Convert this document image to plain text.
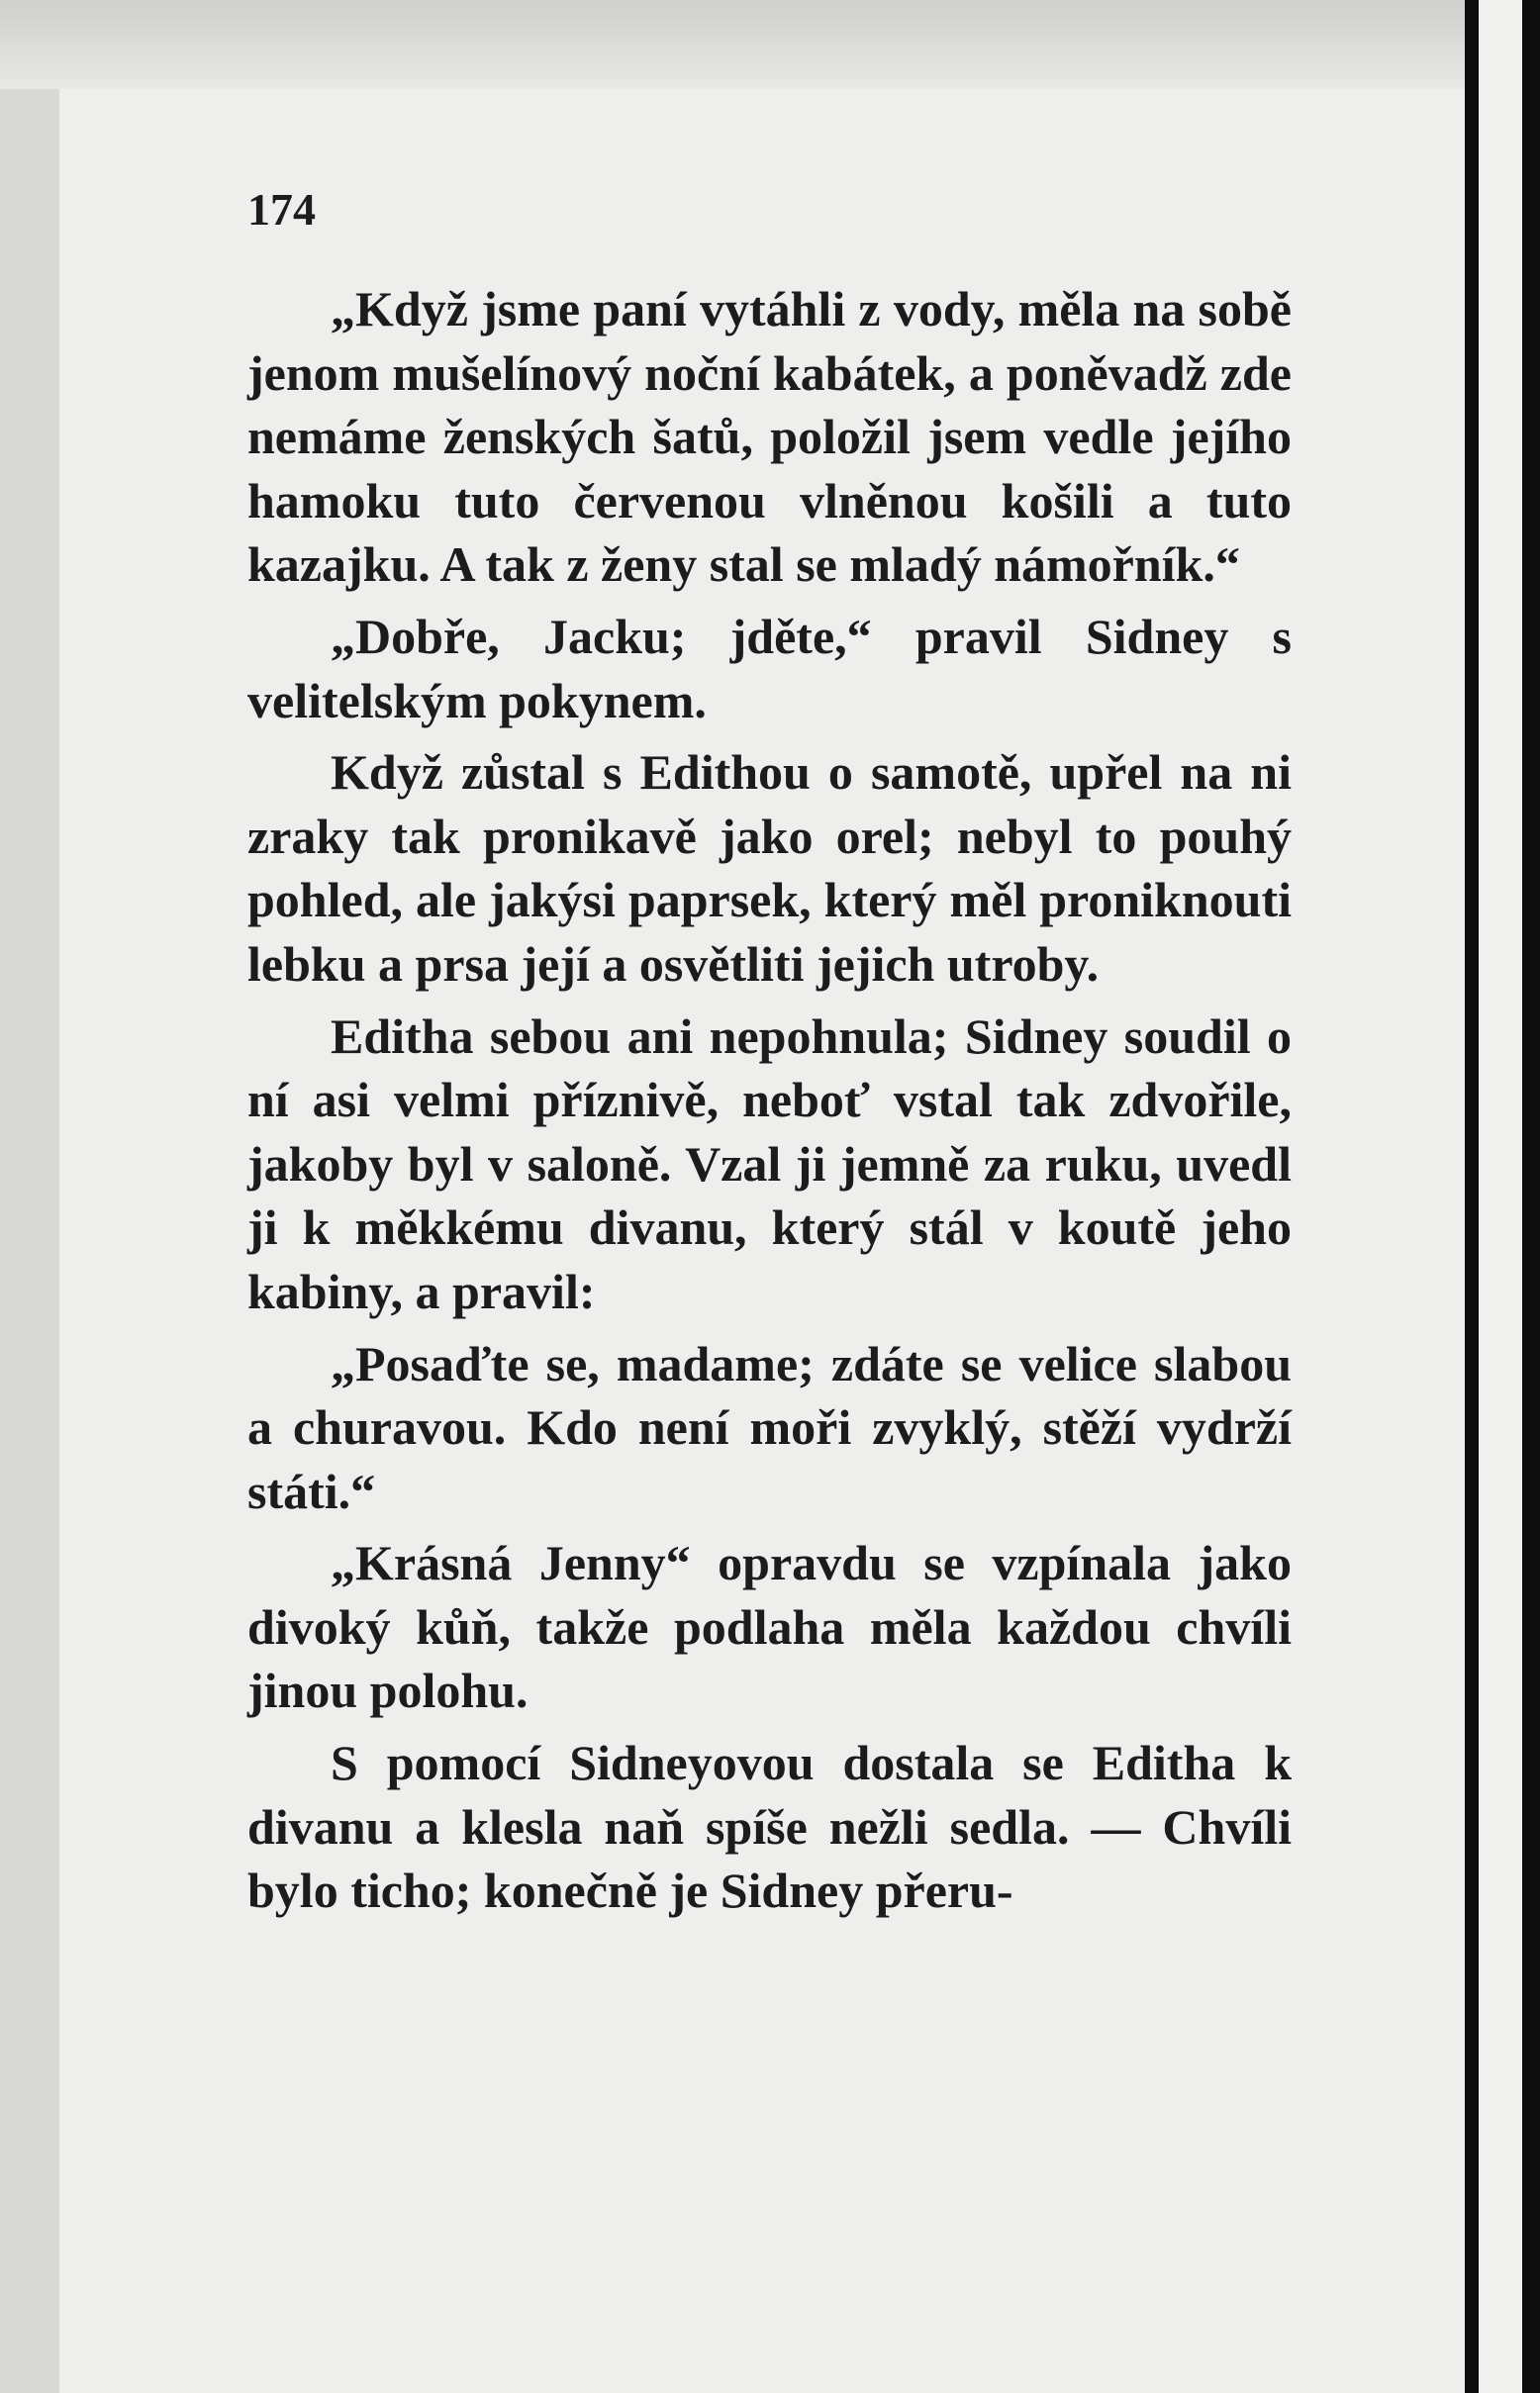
174

„Když jsme paní vytáhli z vody, měla na sobě jenom mušelínový noční kabátek, a poněvadž zde nemáme ženských šatů, položil jsem vedle jejího hamoku tuto červenou vlněnou košili a tuto kazajku. A tak z ženy stal se mladý námořník.“

„Dobře, Jacku; jděte,“ pravil Sidney s velitelským pokynem.

Když zůstal s Edithou o samotě, upřel na ni zraky tak pronikavě jako orel; nebyl to pouhý pohled, ale jakýsi paprsek, který měl proniknouti lebku a prsa její a osvětliti jejich utroby.

Editha sebou ani nepohnula; Sidney soudil o ní asi velmi příznivě, neboť vstal tak zdvořile, jakoby byl v saloně. Vzal ji jemně za ruku, uvedl ji k měkkému divanu, který stál v koutě jeho kabiny, a pravil:

„Posaďte se, madame; zdáte se velice slabou a churavou. Kdo není moři zvyklý, stěží vydrží státi.“

„Krásná Jenny“ opravdu se vzpínala jako divoký kůň, takže podlaha měla každou chvíli jinou polohu.

S pomocí Sidneyovou dostala se Editha k divanu a klesla naň spíše nežli sedla. — Chvíli bylo ticho; konečně je Sidney přeru-
